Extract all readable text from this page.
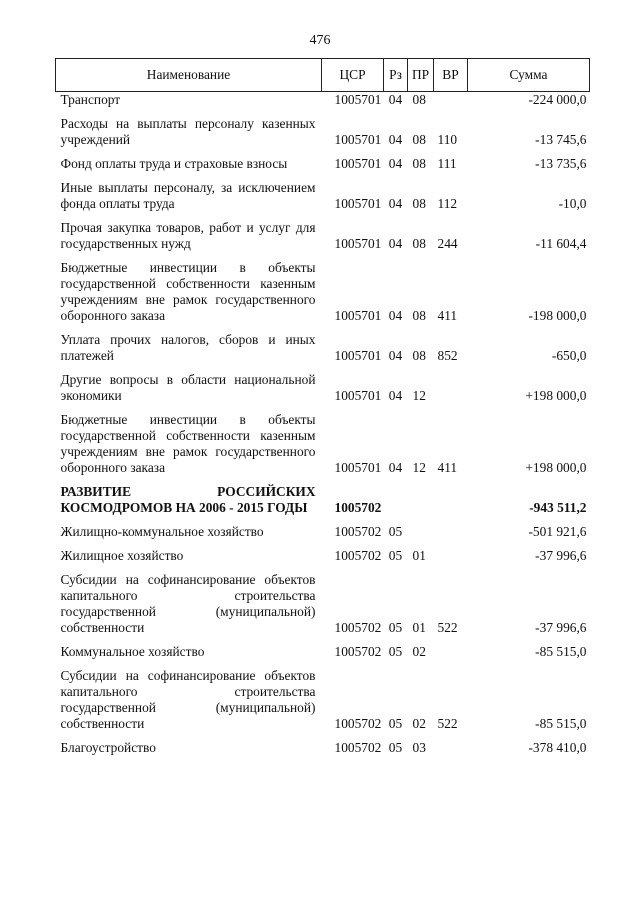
476
Наименование	ЦСР	Рз	ПР	ВР	Сумма
Транспорт	1005701	04	08		-224 000,0
Расходы на выплаты персоналу казенных учреждений	1005701	04	08	110	-13 745,6
Фонд оплаты труда и страховые взносы	1005701	04	08	111	-13 735,6
Иные выплаты персоналу, за исключением фонда оплаты труда	1005701	04	08	112	-10,0
Прочая закупка товаров, работ и услуг для государственных нужд	1005701	04	08	244	-11 604,4
Бюджетные инвестиции в объекты государственной собственности казенным учреждениям вне рамок государственного оборонного заказа	1005701	04	08	411	-198 000,0
Уплата прочих налогов, сборов и иных платежей	1005701	04	08	852	-650,0
Другие вопросы в области национальной экономики	1005701	04	12		+198 000,0
Бюджетные инвестиции в объекты государственной собственности казенным учреждениям вне рамок государственного оборонного заказа	1005701	04	12	411	+198 000,0
РАЗВИТИЕ РОССИЙСКИХ КОСМОДРОМОВ НА 2006 - 2015 ГОДЫ	1005702				-943 511,2
Жилищно-коммунальное хозяйство	1005702	05			-501 921,6
Жилищное хозяйство	1005702	05	01		-37 996,6
Субсидии на софинансирование объектов капитального строительства государственной (муниципальной) собственности	1005702	05	01	522	-37 996,6
Коммунальное хозяйство	1005702	05	02		-85 515,0
Субсидии на софинансирование объектов капитального строительства государственной (муниципальной) собственности	1005702	05	02	522	-85 515,0
Благоустройство	1005702	05	03		-378 410,0
